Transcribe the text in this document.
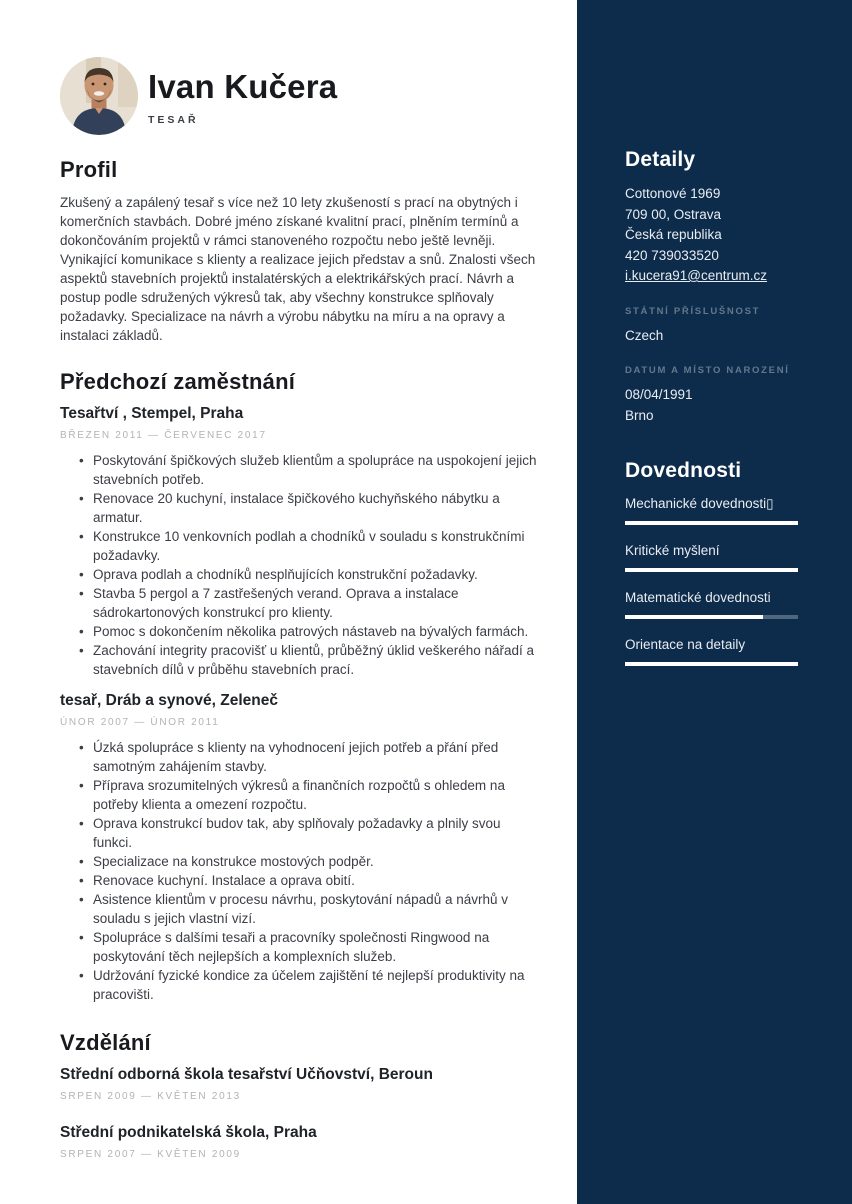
Ivan Kučera
TESAŘ
Profil

Zkušený a zapálený tesař s více než 10 lety zkušeností s prací na obytných i komerčních stavbách. Dobré jméno získané kvalitní prací, plněním termínů a dokončováním projektů v rámci stanoveného rozpočtu nebo ještě levněji. Vynikající komunikace s klienty a realizace jejich představ a snů. Znalosti všech aspektů stavebních projektů instalatérských a elektrikářských prací. Návrh a postup podle sdružených výkresů tak, aby všechny konstrukce splňovaly požadavky. Specializace na návrh a výrobu nábytku na míru a na opravy a instalaci základů.

Předchozí zaměstnání
Tesařtví , Stempel, Praha
BŘEZEN 2011 — ČERVENEC 2017
• Poskytování špičkových služeb klientům a spolupráce na uspokojení jejich stavebních potřeb.
• Renovace 20 kuchyní, instalace špičkového kuchyňského nábytku a armatur.
• Konstrukce 10 venkovních podlah a chodníků v souladu s konstrukčními požadavky.
• Oprava podlah a chodníků nesplňujících konstrukční požadavky.
• Stavba 5 pergol a 7 zastřešených verand. Oprava a instalace sádrokartonových konstrukcí pro klienty.
• Pomoc s dokončením několika patrových nástaveb na bývalých farmách.
• Zachování integrity pracovišť u klientů, průběžný úklid veškerého nářadí a stavebních dílů v průběhu stavebních prací.
tesař, Dráb a synové, Zeleneč
ÚNOR 2007 — ÚNOR 2011
• Úzká spolupráce s klienty na vyhodnocení jejich potřeb a přání před samotným zahájením stavby.
• Příprava srozumitelných výkresů a finančních rozpočtů s ohledem na potřeby klienta a omezení rozpočtu.
• Oprava konstrukcí budov tak, aby splňovaly požadavky a plnily svou funkci.
• Specializace na konstrukce mostových podpěr.
• Renovace kuchyní. Instalace a oprava obití.
• Asistence klientům v procesu návrhu, poskytování nápadů a návrhů v souladu s jejich vlastní vizí.
• Spolupráce s dalšími tesaři a pracovníky společnosti Ringwood na poskytování těch nejlepších a komplexních služeb.
• Udržování fyzické kondice za účelem zajištění té nejlepší produktivity na pracovišti.
Vzdělání
Střední odborná škola tesařství Učňovství, Beroun
SRPEN 2009 — KVĚTEN 2013
Střední podnikatelská škola, Praha
SRPEN 2007 — KVĚTEN 2009
Detaily
Cottonové 1969
709 00, Ostrava
Česká republika
420 739033520
i.kucera91@centrum.cz
STÁTNÍ PŘÍSLUŠNOST
Czech
DATUM A MÍSTO NAROZENÍ
08/04/1991
Brno
Dovednosti
Mechanické dovednosti▯
Kritické myšlení
Matematické dovednosti
Orientace na detaily
